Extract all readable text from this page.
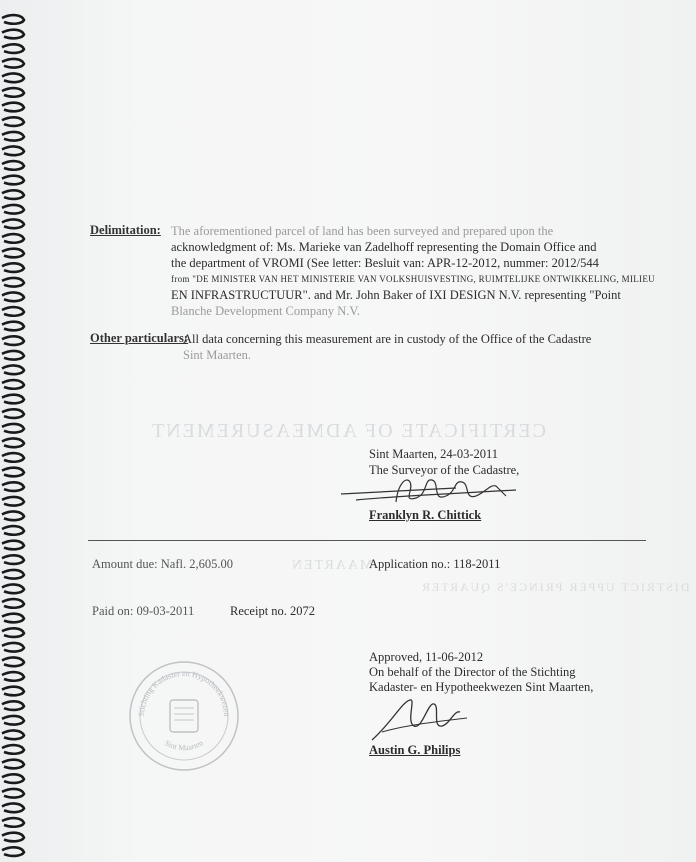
CERTIFICATE OF ADMEASUREMENT
MAARTEN
DISTRICT UPPER PRINCE'S QUARTER
Delimitation: The aforementioned parcel of land has been surveyed and prepared upon the
acknowledgment of: Ms. Marieke van Zadelhoff representing the Domain Office and
the department of VROMI (See letter: Besluit van: APR-12-2012, nummer: 2012/544
from "DE MINISTER VAN HET MINISTERIE VAN VOLKSHUISVESTING, RUIMTELIJKE ONTWIKKELING, MILIEU
EN INFRASTRUCTUUR". and Mr. John Baker of IXI DESIGN N.V. representing "Point
Blanche Development Company N.V.
Other particulars:
All data concerning this measurement are in custody of the Office of the Cadastre
Sint Maarten.
Sint Maarten, 24-03-2011
The Surveyor of the Cadastre,
Franklyn R. Chittick
Amount due: Nafl. 2,605.00	Application no.: 118-2011
Paid on: 09-03-2011	Receipt no. 2072
Approved, 11-06-2012
On behalf of the Director of the Stichting
Kadaster- en Hypotheekwezen Sint Maarten,
Austin G. Philips
Stichting Kadaster en Hypotheekwezen
Sint Maarten
